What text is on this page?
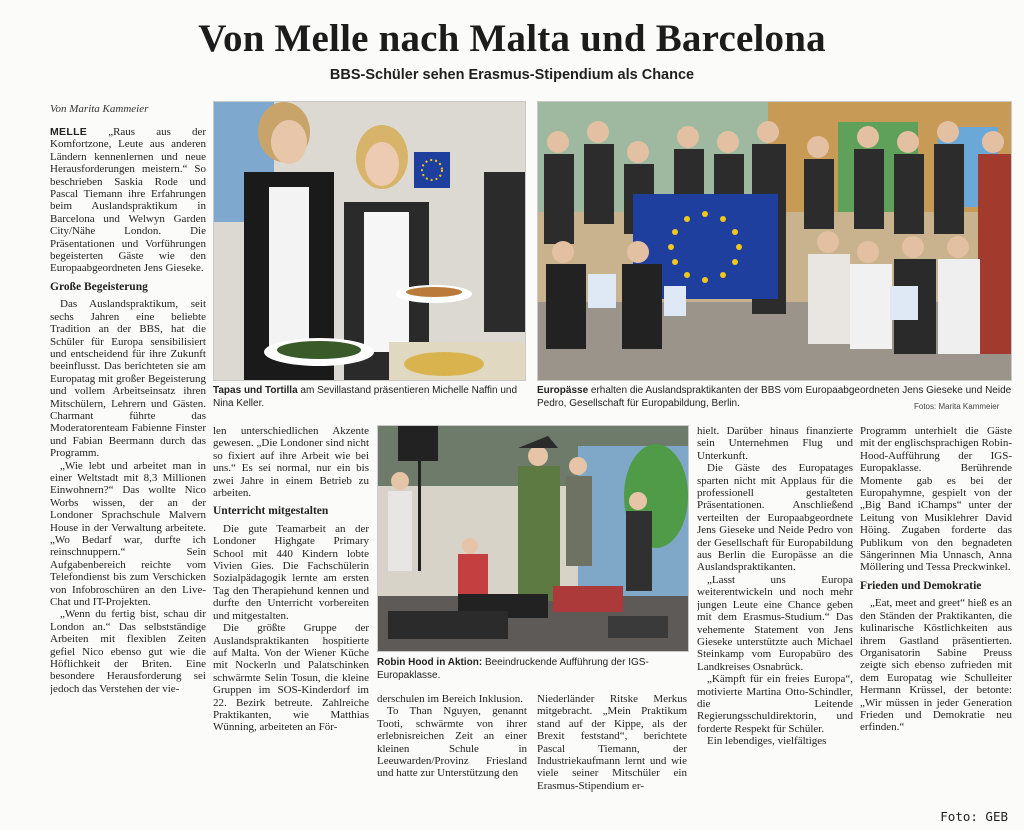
Von Melle nach Malta und Barcelona
BBS-Schüler sehen Erasmus-Stipendium als Chance
Von Marita Kammeier

MELLE „Raus aus der Komfortzone, Leute aus anderen Ländern kennenlernen und neue Herausforderungen meistern.“ So beschrieben Saskia Rode und Pascal Tiemann ihre Erfahrungen beim Auslandspraktikum in Barcelona und Welwyn Garden City/Nähe London. Die Präsentationen und Vorführungen begeisterten Gäste wie den Europaabgeordneten Jens Gieseke.

Große Begeisterung

Das Auslandspraktikum, seit sechs Jahren eine beliebte Tradition an der BBS, hat die Schüler für Europa sensibilisiert und entscheidend für ihre Zukunft beeinflusst. Das berichteten sie am Europatag mit großer Begeisterung und vollem Arbeitseinsatz ihren Mitschülern, Lehrern und Gästen. Charmant führte das Moderatorenteam Fabienne Finster und Fabian Beermann durch das Programm.

„Wie lebt und arbeitet man in einer Weltstadt mit 8,3 Millionen Einwohnern?“ Das wollte Nico Worbs wissen, der an der Londoner Sprachschule Malvern House in der Verwaltung arbeitete. „Wo Bedarf war, durfte ich reinschnuppern.“ Sein Aufgabenbereich reichte vom Telefondienst bis zum Verschicken von Infobroschüren an den Live-Chat und IT-Projekten.

„Wenn du fertig bist, schau dir London an.“ Das selbstständige Arbeiten mit flexiblen Zeiten gefiel Nico ebenso gut wie die Höflichkeit der Briten. Eine besondere Herausforderung sei jedoch das Verstehen der vie-

Tapas und Tortilla am Sevillastand präsentieren Michelle Naffin und Nina Keller.
Europässe erhalten die Auslandspraktikanten der BBS vom Europaabgeordneten Jens Gieseke und Neide Pedro, Gesellschaft für Europabildung, Berlin.	Fotos: Marita Kammeier

len unterschiedlichen Akzente gewesen. „Die Londoner sind nicht so fixiert auf ihre Arbeit wie bei uns.“ Es sei normal, nur ein bis zwei Jahre in einem Betrieb zu arbeiten.

Unterricht mitgestalten

Die gute Teamarbeit an der Londoner Highgate Primary School mit 440 Kindern lobte Vivien Gies. Die Fachschülerin Sozialpädagogik lernte am ersten Tag den Therapiehund kennen und durfte den Unterricht vorbereiten und mitgestalten.

Die größte Gruppe der Auslandspraktikanten hospitierte auf Malta. Von der Wiener Küche mit Nockerln und Palatschinken schwärmte Selin Tosun, die kleine Gruppen im SOS-Kinderdorf im 22. Bezirk betreute. Zahlreiche Praktikanten, wie Matthias Wünning, arbeiteten an För-

Robin Hood in Aktion: Beeindruckende Aufführung der IGS-Europaklasse.

derschulen im Bereich Inklusion.

To Than Nguyen, genannt Tooti, schwärmte von ihrer erlebnisreichen Zeit an einer kleinen Schule in Leeuwarden/Provinz Friesland und hatte zur Unterstützung den

Niederländer Ritske Merkus mitgebracht. „Mein Praktikum stand auf der Kippe, als der Brexit feststand“, berichtete Pascal Tiemann, der Industriekaufmann lernt und wie viele seiner Mitschüler ein Erasmus-Stipendium er-

hielt. Darüber hinaus finanzierte sein Unternehmen Flug und Unterkunft.

Die Gäste des Europatages sparten nicht mit Applaus für die professionell gestalteten Präsentationen. Anschließend verteilten der Europaabgeordnete Jens Gieseke und Neide Pedro von der Gesellschaft für Europabildung aus Berlin die Europässe an die Auslandspraktikanten.

„Lasst uns Europa weiterentwickeln und noch mehr jungen Leute eine Chance geben mit dem Erasmus-Studium.“ Das vehemente Statement von Jens Gieseke unterstützte auch Michael Steinkamp vom Europabüro des Landkreises Osnabrück.

„Kämpft für ein freies Europa“, motivierte Martina Otto-Schindler, die Leitende Regierungsschuldirektorin, und forderte Respekt für Schüler.

Ein lebendiges, vielfältiges

Programm unterhielt die Gäste mit der englischsprachigen Robin-Hood-Aufführung der IGS-Europaklasse. Berührende Momente gab es bei der Europahymne, gespielt von der „Big Band iChamps“ unter der Leitung von Musiklehrer David Höing. Zugaben forderte das Publikum von den begnadeten Sängerinnen Mia Unnasch, Anna Möllering und Tessa Preckwinkel.

Frieden und Demokratie

„Eat, meet and greet“ hieß es an den Ständen der Praktikanten, die kulinarische Köstlichkeiten aus ihrem Gastland präsentierten. Organisatorin Sabine Preuss zeigte sich ebenso zufrieden mit dem Europatag wie Schulleiter Hermann Krüssel, der betonte: „Wir müssen in jeder Generation Frieden und Demokratie neu erfinden.“

Foto: GEB
